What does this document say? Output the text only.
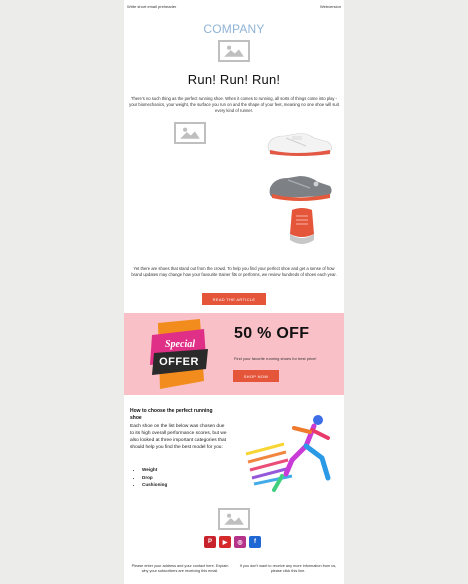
Write short email preheader	Webversion
COMPANY
Run! Run! Run!
There’s no such thing as the perfect running shoe. When it comes to running, all sorts of things come into play - your biomechanics, your weight, the surface you run on and the shape of your feet, meaning no one shoe will suit every kind of runner.
Yet there are shoes that stand out from the crowd. To help you find your perfect shoe and get a sense of how brand updates may change how your favourite trainer fits or performs, we review hundreds of shoes each year.
READ THE ARTICLE
Special
OFFER
50 % OFF
Find your favorite running shoes for best price!
SHOP NOW
How to choose the perfect running shoe
Each shoe on the list below was chosen due to its high overall performance scores, but we also looked at three important categories that should help you find the best model for you:
• Weight
• Drop
• Cushioning
P	▶	◎	f
Please enter your address and your contact here. Explain why your subscribers are receiving this email.
If you don’t want to receive any more information from us, please click this line.
